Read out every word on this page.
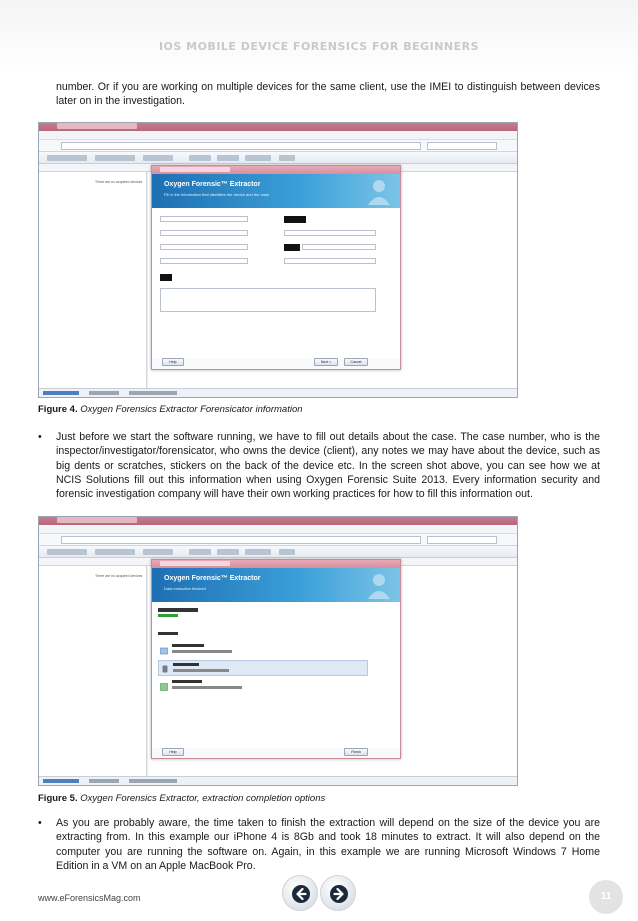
IOS MOBILE DEVICE FORENSICS FOR BEGINNERS

number. Or if you are working on multiple devices for the same client, use the IMEI to distinguish between devices later on in the investigation.

There are no acquired devices	Oxygen Forensic™ Extractor
Fill in the information that identifies the device and the case
Help	Next >	Cancel
Figure 4. Oxygen Forensics Extractor Forensicator information
• Just before we start the software running, we have to fill out details about the case. The case number, who is the inspector/investigator/forensicator, who owns the device (client), any notes we may have about the device, such as big dents or scratches, stickers on the back of the device etc. In the screen shot above, you can see how we at NCIS Solutions fill out this information when using Oxygen Forensic Suite 2013. Every information security and forensic investigation company will have their own working practices for how to fill this information out.
There are no acquired devices	Oxygen Forensic™ Extractor
Data extraction finished
Help	Finish
Figure 5. Oxygen Forensics Extractor, extraction completion options
• As you are probably aware, the time taken to finish the extraction will depend on the size of the device you are extracting from. In this example our iPhone 4 is 8Gb and took 18 minutes to extract. It will also depend on the computer you are running the software on. Again, in this example we are running Microsoft Windows 7 Home Edition in a VM on an Apple MacBook Pro.
www.eForensicsMag.com	11
